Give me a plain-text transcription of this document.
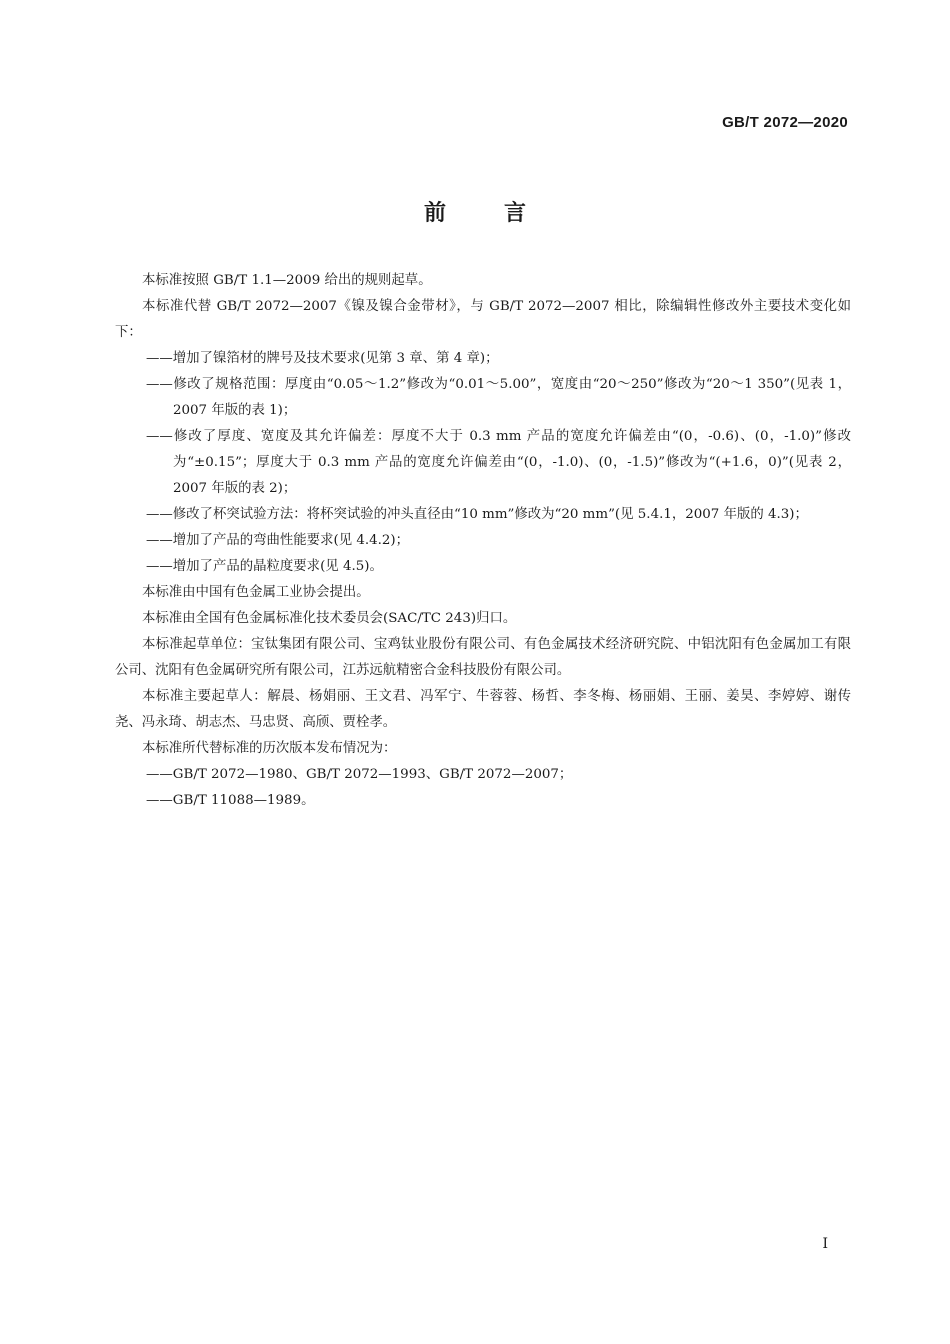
GB/T 2072—2020
前言

本标准按照 GB/T 1.1—2009 给出的规则起草。

本标准代替 GB/T 2072—2007《镍及镍合金带材》，与 GB/T 2072—2007 相比，除编辑性修改外主要技术变化如下：

——增加了镍箔材的牌号及技术要求(见第 3 章、第 4 章)；

——修改了规格范围：厚度由“0.05～1.2”修改为“0.01～5.00”，宽度由“20～250”修改为“20～1 350”(见表 1，2007 年版的表 1)；

——修改了厚度、宽度及其允许偏差：厚度不大于 0.3 mm 产品的宽度允许偏差由“(0，-0.6)、(0，-1.0)”修改为“±0.15”；厚度大于 0.3 mm 产品的宽度允许偏差由“(0，-1.0)、(0，-1.5)”修改为“(+1.6，0)”(见表 2，2007 年版的表 2)；

——修改了杯突试验方法：将杯突试验的冲头直径由“10 mm”修改为“20 mm”(见 5.4.1，2007 年版的 4.3)；

——增加了产品的弯曲性能要求(见 4.4.2)；

——增加了产品的晶粒度要求(见 4.5)。

本标准由中国有色金属工业协会提出。

本标准由全国有色金属标准化技术委员会(SAC/TC 243)归口。

本标准起草单位：宝钛集团有限公司、宝鸡钛业股份有限公司、有色金属技术经济研究院、中铝沈阳有色金属加工有限公司、沈阳有色金属研究所有限公司，江苏远航精密合金科技股份有限公司。

本标准主要起草人：解晨、杨娟丽、王文君、冯军宁、牛蓉蓉、杨哲、李冬梅、杨丽娟、王丽、姜昊、李婷婷、谢传尧、冯永琦、胡志杰、马忠贤、高颀、贾栓孝。

本标准所代替标准的历次版本发布情况为：

——GB/T 2072—1980、GB/T 2072—1993、GB/T 2072—2007；

——GB/T 11088—1989。

I
